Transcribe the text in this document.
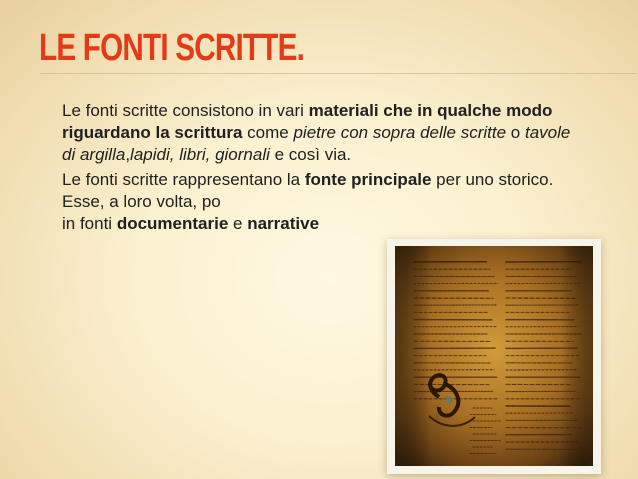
LE FONTI SCRITTE.

Le fonti scritte consistono in vari materiali che in qualche modo riguardano la scrittura come pietre con sopra delle scritte o tavole di argilla,lapidi, libri, giornali e così via.

Le fonti scritte rappresentano la fonte principale per uno storico. Esse, a loro volta, po
in fonti documentarie e narrative
